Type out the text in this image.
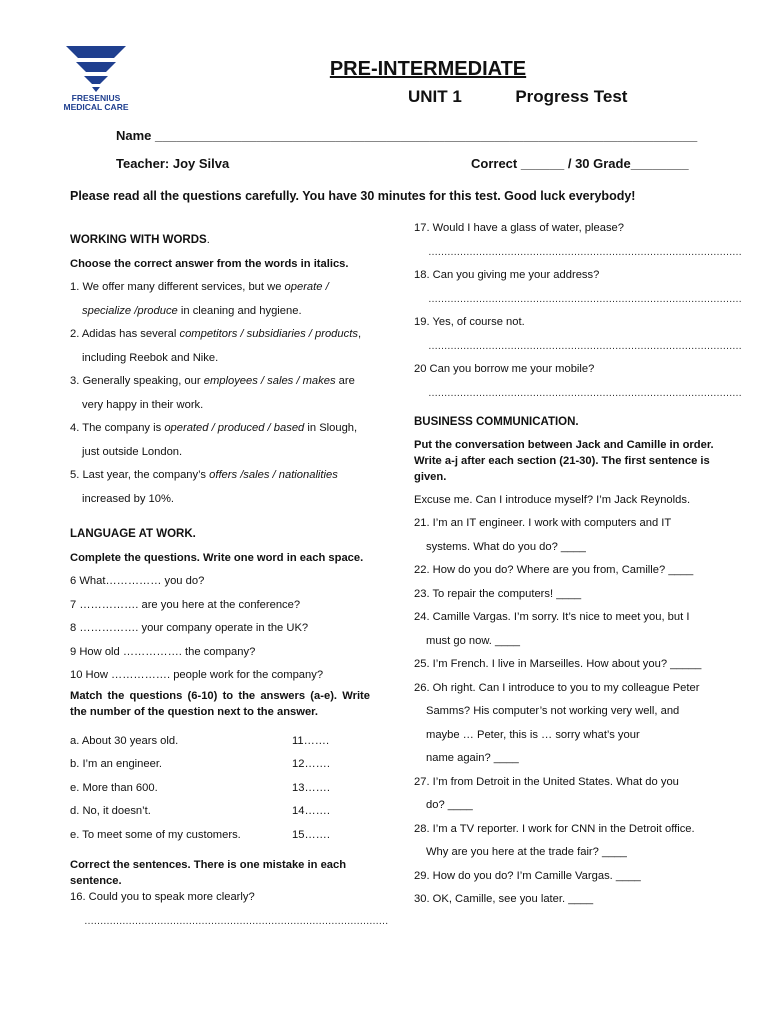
FRESENIUS
MEDICAL CARE
PRE-INTERMEDIATE
UNIT 1	Progress Test
Name ___________________________________________________________________________
Teacher: Joy Silva	Correct ______ / 30 Grade________
Please read all the questions carefully. You have 30 minutes for this test. Good luck everybody!
WORKING WITH WORDS.
Choose the correct answer from the words in italics.
1. We offer many different services, but we operate /
specialize /produce in cleaning and hygiene.
2. Adidas has several competitors / subsidiaries / products,
including Reebok and Nike.
3. Generally speaking, our employees / sales / makes are
very happy in their work.
4. The company is operated / produced / based in Slough,
just outside London.
5. Last year, the company’s offers /sales / nationalities
increased by 10%.
LANGUAGE AT WORK.
Complete the questions. Write one word in each space.
6 What…………… you do?
7 ……………. are you here at the conference?
8 ……………. your company operate in the UK?
9 How old ……………. the company?
10 How ……………. people work for the company?
Match the questions (6-10) to the answers (a-e). Write the number of the question next to the answer.
a. About 30 years old.	11…….
b. I’m an engineer.	12…….
e. More than 600.	13…….
d. No, it doesn’t.	14…….
e. To meet some of my customers.	15…….
Correct the sentences. There is one mistake in each sentence.
16. Could you to speak more clearly?
……………………………………………………………………………………
17. Would I have a glass of water, please?
………………………………………………………………………………………
18. Can you giving me your address?
………………………………………………………………………………………
19. Yes, of course not.
………………………………………………………………………………………
20 Can you borrow me your mobile?
………………………………………………………………………………………
BUSINESS COMMUNICATION.
Put the conversation between Jack and Camille in order. Write a-j after each section (21-30). The first sentence is given.
Excuse me. Can I introduce myself? I’m Jack Reynolds.
21. I’m an IT engineer. I work with computers and IT
systems. What do you do? ____
22. How do you do? Where are you from, Camille? ____
23. To repair the computers! ____
24. Camille Vargas. I’m sorry. It’s nice to meet you, but I
must go now. ____
25. I’m French. I live in Marseilles. How about you? _____
26. Oh right. Can I introduce to you to my colleague Peter
Samms? His computer’s not working very well, and
maybe … Peter, this is … sorry what’s your
name again? ____
27. I’m from Detroit in the United States. What do you
do? ____
28. I’m a TV reporter. I work for CNN in the Detroit office.
Why are you here at the trade fair? ____
29. How do you do? I’m Camille Vargas. ____
30. OK, Camille, see you later. ____
